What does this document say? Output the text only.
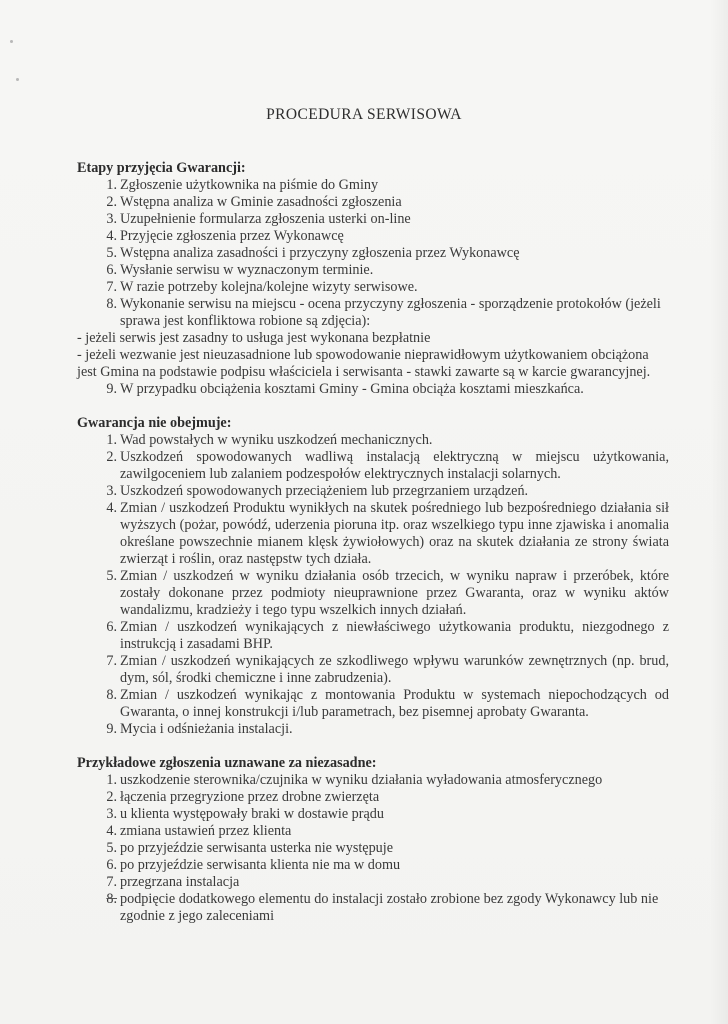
PROCEDURA SERWISOWA

Etapy przyjęcia Gwarancji:

1. Zgłoszenie użytkownika na piśmie do Gminy
2. Wstępna analiza w Gminie zasadności zgłoszenia
3. Uzupełnienie formularza zgłoszenia usterki on-line
4. Przyjęcie zgłoszenia przez Wykonawcę
5. Wstępna analiza zasadności i przyczyny zgłoszenia przez Wykonawcę
6. Wysłanie serwisu w wyznaczonym terminie.
7. W razie potrzeby kolejna/kolejne wizyty serwisowe.
8. Wykonanie serwisu na miejscu - ocena przyczyny zgłoszenia - sporządzenie protokołów (jeżeli sprawa jest konfliktowa robione są zdjęcia):
- jeżeli serwis jest zasadny to usługa jest wykonana bezpłatnie
- jeżeli wezwanie jest nieuzasadnione lub spowodowanie nieprawidłowym użytkowaniem obciążona jest Gmina na podstawie podpisu właściciela i serwisanta - stawki zawarte są w karcie gwarancyjnej.
9. W przypadku obciążenia kosztami Gminy - Gmina obciąża kosztami mieszkańca.

Gwarancja nie obejmuje:

1. Wad powstałych w wyniku uszkodzeń mechanicznych.
2. Uszkodzeń spowodowanych wadliwą instalacją elektryczną w miejscu użytkowania, zawilgoceniem lub zalaniem podzespołów elektrycznych instalacji solarnych.
3. Uszkodzeń spowodowanych przeciążeniem lub przegrzaniem urządzeń.
4. Zmian / uszkodzeń Produktu wynikłych na skutek pośredniego lub bezpośredniego działania sił wyższych (pożar, powódź, uderzenia pioruna itp. oraz wszelkiego typu inne zjawiska i anomalia określane powszechnie mianem klęsk żywiołowych) oraz na skutek działania ze strony świata zwierząt i roślin, oraz następstw tych działa.
5. Zmian / uszkodzeń w wyniku działania osób trzecich, w wyniku napraw i przeróbek, które zostały dokonane przez podmioty nieuprawnione przez Gwaranta, oraz w wyniku aktów wandalizmu, kradzieży i tego typu wszelkich innych działań.
6. Zmian / uszkodzeń wynikających z niewłaściwego użytkowania produktu, niezgodnego z instrukcją i zasadami BHP.
7. Zmian / uszkodzeń wynikających ze szkodliwego wpływu warunków zewnętrznych (np. brud, dym, sól, środki chemiczne i inne zabrudzenia).
8. Zmian / uszkodzeń wynikając z montowania Produktu w systemach niepochodzących od Gwaranta, o innej konstrukcji i/lub parametrach, bez pisemnej aprobaty Gwaranta.
9. Mycia i odśnieżania instalacji.

Przykładowe zgłoszenia uznawane za niezasadne:

1. uszkodzenie sterownika/czujnika w wyniku działania wyładowania atmosferycznego
2. łączenia przegryzione przez drobne zwierzęta
3. u klienta występowały braki w dostawie prądu
4. zmiana ustawień przez klienta
5. po przyjeździe serwisanta usterka nie występuje
6. po przyjeździe serwisanta klienta nie ma w domu
7. przegrzana instalacja
8. podpięcie dodatkowego elementu do instalacji zostało zrobione bez zgody Wykonawcy lub nie zgodnie z jego zaleceniami
